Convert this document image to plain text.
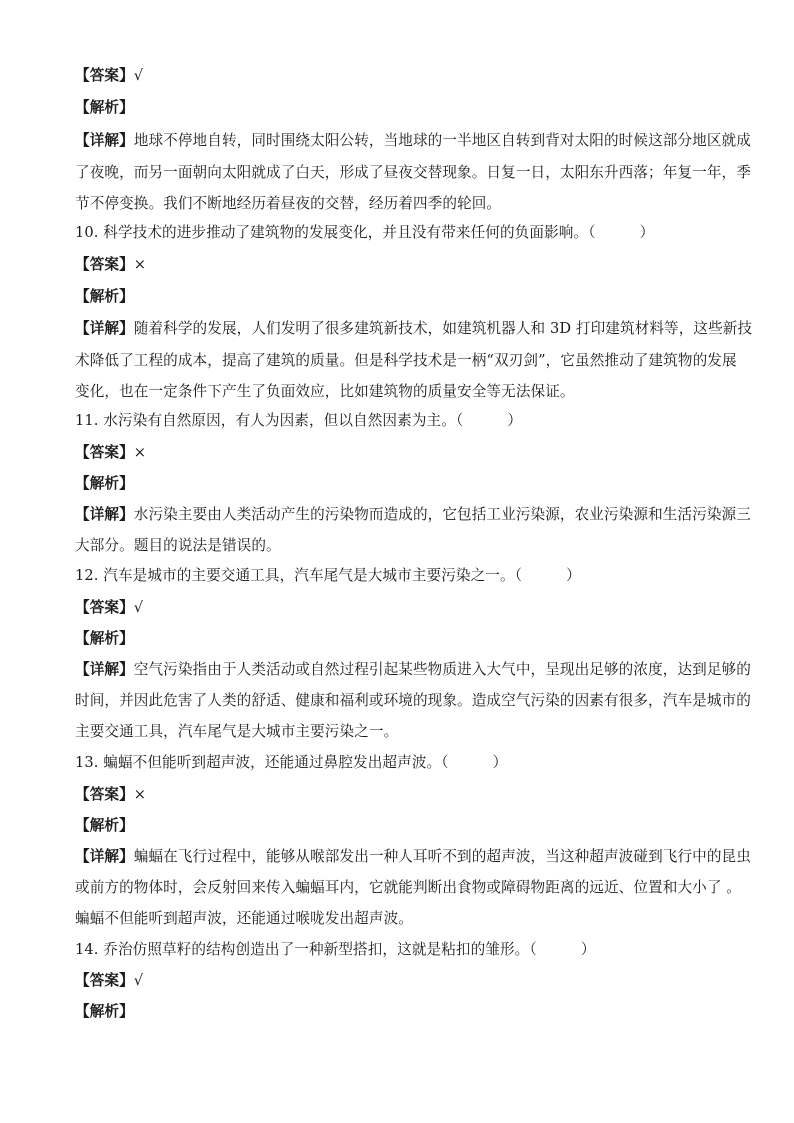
【答案】√
【解析】
【详解】地球不停地自转，同时围绕太阳公转，当地球的一半地区自转到背对太阳的时候这部分地区就成
了夜晚，而另一面朝向太阳就成了白天，形成了昼夜交替现象。日复一日，太阳东升西落；年复一年，季
节不停变换。我们不断地经历着昼夜的交替，经历着四季的轮回。
10. 科学技术的进步推动了建筑物的发展变化，并且没有带来任何的负面影响。（　　　）
【答案】×
【解析】
【详解】随着科学的发展，人们发明了很多建筑新技术，如建筑机器人和 3D 打印建筑材料等，这些新技
术降低了工程的成本，提高了建筑的质量。但是科学技术是一柄“双刃剑”，它虽然推动了建筑物的发展
变化，也在一定条件下产生了负面效应，比如建筑物的质量安全等无法保证。
11. 水污染有自然原因，有人为因素，但以自然因素为主。（　　　）
【答案】×
【解析】
【详解】水污染主要由人类活动产生的污染物而造成的，它包括工业污染源，农业污染源和生活污染源三
大部分。题目的说法是错误的。
12. 汽车是城市的主要交通工具，汽车尾气是大城市主要污染之一。（　　　）
【答案】√
【解析】
【详解】空气污染指由于人类活动或自然过程引起某些物质进入大气中，呈现出足够的浓度，达到足够的
时间，并因此危害了人类的舒适、健康和福利或环境的现象。造成空气污染的因素有很多，汽车是城市的
主要交通工具，汽车尾气是大城市主要污染之一。
13. 蝙蝠不但能听到超声波，还能通过鼻腔发出超声波。（　　　）
【答案】×
【解析】
【详解】蝙蝠在飞行过程中，能够从喉部发出一种人耳听不到的超声波，当这种超声波碰到飞行中的昆虫
或前方的物体时，会反射回来传入蝙蝠耳内，它就能判断出食物或障碍物距离的远近、位置和大小了 。
蝙蝠不但能听到超声波，还能通过喉咙发出超声波。
14. 乔治仿照草籽的结构创造出了一种新型搭扣，这就是粘扣的雏形。（　　　）
【答案】√
【解析】
